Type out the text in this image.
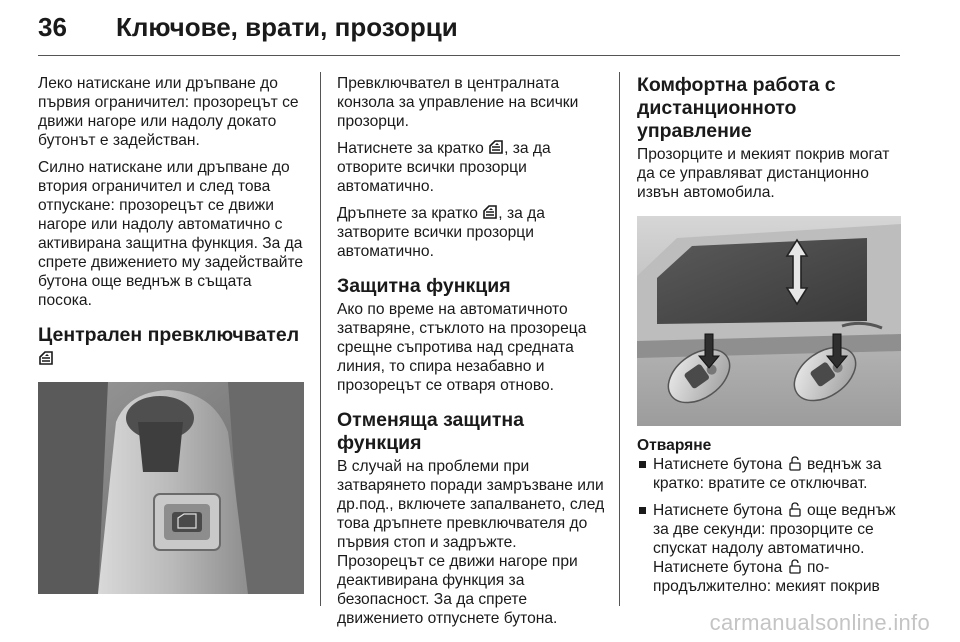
36 Ключове, врати, прозорци

Леко натискане или дръпване до първия ограничител: прозорецът се движи нагоре или надолу докато бутонът е задействан.

Силно натискане или дръпване до втория ограничител и след това отпускане: прозорецът се движи нагоре или надолу автоматично с активирана защитна функция. За да спрете движението му задействайте бутона още веднъж в същата посока.

Централен превключвател

Превключвател в централната конзола за управление на всички прозорци.

Натиснете за кратко , за да отворите всички прозорци автоматично.

Дръпнете за кратко , за да затворите всички прозорци автоматично.

Защитна функция

Ако по време на автоматичното затваряне, стъклото на прозореца срещне съпротива над средната линия, то спира незабавно и прозорецът се отваря отново.

Отменяща защитна функция

В случай на проблеми при затварянето поради замръзване или др.под., включете запалването, след това дръпнете превключвателя до първия стоп и задръжте. Прозорецът се движи нагоре при деактивирана функция за безопасност. За да спрете движението отпуснете бутона.

Комфортна работа с дистанционното управление

Прозорците и мекият покрив могат да се управляват дистанционно извън автомобила.

Отваряне
Натиснете бутона  веднъж за кратко: вратите се отключват.
Натиснете бутона  още веднъж за две секунди: прозорците се спускат надолу автоматично. Натиснете бутона  по-продължително: мекият покрив
carmanualsonline.info
